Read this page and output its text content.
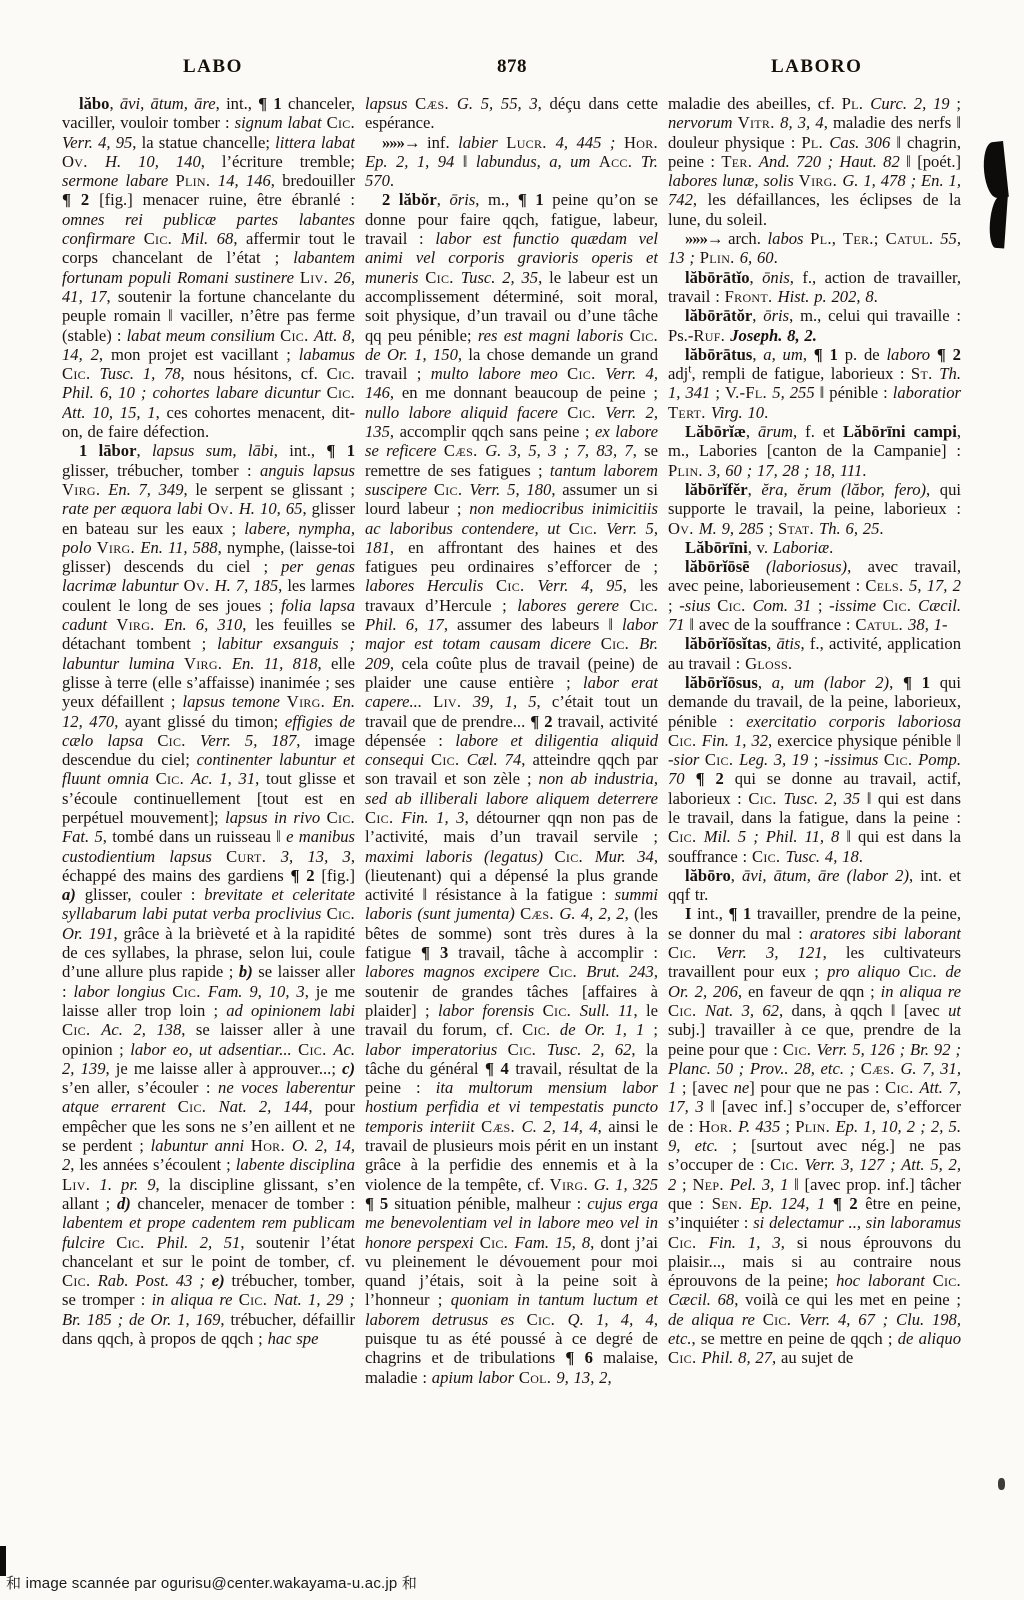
LABO	878	LABORO

lăbo, āvi, ātum, āre, int., ¶ 1 chanceler, vaciller, vouloir tomber : signum labat Cic. Verr. 4, 95, la statue chancelle; littera labat Ov. H. 10, 140, l’écriture tremble; sermone labare Plin. 14, 146, bredouiller ¶ 2 [fig.] menacer ruine, être ébranlé : omnes rei publicæ partes labantes confirmare Cic. Mil. 68, affermir tout le corps chancelant de l’état ; labantem fortunam populi Romani sustinere Liv. 26, 41, 17, soutenir la fortune chancelante du peuple romain ‖ vaciller, n’être pas ferme (stable) : labat meum consilium Cic. Att. 8, 14, 2, mon projet est vacillant ; labamus Cic. Tusc. 1, 78, nous hésitons, cf. Cic. Phil. 6, 10 ; cohortes labare dicuntur Cic. Att. 10, 15, 1, ces cohortes menacent, dit-on, de faire défection.

1 lābor, lapsus sum, lābi, int., ¶ 1 glisser, trébucher, tomber : anguis lapsus Virg. En. 7, 349, le serpent se glissant ; rate per æquora labi Ov. H. 10, 65, glisser en bateau sur les eaux ; labere, nympha, polo Virg. En. 11, 588, nymphe, (laisse-toi glisser) descends du ciel ; per genas lacrimæ labuntur Ov. H. 7, 185, les larmes coulent le long de ses joues ; folia lapsa cadunt Virg. En. 6, 310, les feuilles se détachant tombent ; labitur exsanguis ; labuntur lumina Virg. En. 11, 818, elle glisse à terre (elle s’affaisse) inanimée ; ses yeux défaillent ; lapsus temone Virg. En. 12, 470, ayant glissé du timon; effigies de cælo lapsa Cic. Verr. 5, 187, image descendue du ciel; continenter labuntur et fluunt omnia Cic. Ac. 1, 31, tout glisse et s’écoule continuellement [tout est en perpétuel mouvement]; lapsus in rivo Cic. Fat. 5, tombé dans un ruisseau ‖ e manibus custodientium lapsus Curt. 3, 13, 3, échappé des mains des gardiens ¶ 2 [fig.] a) glisser, couler : brevitate et celeritate syllabarum labi putat verba proclivius Cic. Or. 191, grâce à la brièveté et à la rapidité de ces syllabes, la phrase, selon lui, coule d’une allure plus rapide ; b) se laisser aller : labor longius Cic. Fam. 9, 10, 3, je me laisse aller trop loin ; ad opinionem labi Cic. Ac. 2, 138, se laisser aller à une opinion ; labor eo, ut adsentiar... Cic. Ac. 2, 139, je me laisse aller à approuver...; c) s’en aller, s’écouler : ne voces laberentur atque errarent Cic. Nat. 2, 144, pour empêcher que les sons ne s’en aillent et ne se perdent ; labuntur anni Hor. O. 2, 14, 2, les années s’écoulent ; labente disciplina Liv. 1. pr. 9, la discipline glissant, s’en allant ; d) chanceler, menacer de tomber : labentem et prope cadentem rem publicam fulcire Cic. Phil. 2, 51, soutenir l’état chancelant et sur le point de tomber, cf. Cic. Rab. Post. 43 ; e) trébucher, tomber, se tromper : in aliqua re Cic. Nat. 1, 29 ; Br. 185 ; de Or. 1, 169, trébucher, défaillir dans qqch, à propos de qqch ; hac spe

lapsus Cæs. G. 5, 55, 3, déçu dans cette espérance.

»»»→ inf. labier Lucr. 4, 445 ; Hor. Ep. 2, 1, 94 ‖ labundus, a, um Acc. Tr. 570.

2 lăbŏr, ōris, m., ¶ 1 peine qu’on se donne pour faire qqch, fatigue, labeur, travail : labor est functio quædam vel animi vel corporis gravioris operis et muneris Cic. Tusc. 2, 35, le labeur est un accomplissement déterminé, soit moral, soit physique, d’un travail ou d’une tâche qq peu pénible; res est magni laboris Cic. de Or. 1, 150, la chose demande un grand travail ; multo labore meo Cic. Verr. 4, 146, en me donnant beaucoup de peine ; nullo labore aliquid facere Cic. Verr. 2, 135, accomplir qqch sans peine ; ex labore se reficere Cæs. G. 3, 5, 3 ; 7, 83, 7, se remettre de ses fatigues ; tantum laborem suscipere Cic. Verr. 5, 180, assumer un si lourd labeur ; non mediocribus inimicitiis ac laboribus contendere, ut Cic. Verr. 5, 181, en affrontant des haines et des fatigues peu ordinaires s’efforcer de ; labores Herculis Cic. Verr. 4, 95, les travaux d’Hercule ; labores gerere Cic. Phil. 6, 17, assumer des labeurs ‖ labor major est totam causam dicere Cic. Br. 209, cela coûte plus de travail (peine) de plaider une cause entière ; labor erat capere... Liv. 39, 1, 5, c’était tout un travail que de prendre... ¶ 2 travail, activité dépensée : labore et diligentia aliquid consequi Cic. Cæl. 74, atteindre qqch par son travail et son zèle ; non ab industria, sed ab illiberali labore aliquem deterrere Cic. Fin. 1, 3, détourner qqn non pas de l’activité, mais d’un travail servile ; maximi laboris (legatus) Cic. Mur. 34, (lieutenant) qui a dépensé la plus grande activité ‖ résistance à la fatigue : summi laboris (sunt jumenta) Cæs. G. 4, 2, 2, (les bêtes de somme) sont très dures à la fatigue ¶ 3 travail, tâche à accomplir : labores magnos excipere Cic. Brut. 243, soutenir de grandes tâches [affaires à plaider] ; labor forensis Cic. Sull. 11, le travail du forum, cf. Cic. de Or. 1, 1 ; labor imperatorius Cic. Tusc. 2, 62, la tâche du général ¶ 4 travail, résultat de la peine : ita multorum mensium labor hostium perfidia et vi tempestatis puncto temporis interiit Cæs. C. 2, 14, 4, ainsi le travail de plusieurs mois périt en un instant grâce à la perfidie des ennemis et à la violence de la tempête, cf. Virg. G. 1, 325 ¶ 5 situation pénible, malheur : cujus erga me benevolentiam vel in labore meo vel in honore perspexi Cic. Fam. 15, 8, dont j’ai vu pleinement le dévouement pour moi quand j’étais, soit à la peine soit à l’honneur ; quoniam in tantum luctum et laborem detrusus es Cic. Q. 1, 4, 4, puisque tu as été poussé à ce degré de chagrins et de tribulations ¶ 6 malaise, maladie : apium labor Col. 9, 13, 2,

maladie des abeilles, cf. Pl. Curc. 2, 19 ; nervorum Vitr. 8, 3, 4, maladie des nerfs ‖ douleur physique : Pl. Cas. 306 ‖ chagrin, peine : Ter. And. 720 ; Haut. 82 ‖ [poét.] labores lunæ, solis Virg. G. 1, 478 ; En. 1, 742, les défaillances, les éclipses de la lune, du soleil.

»»»→ arch. labos Pl., Ter.; Catul. 55, 13 ; Plin. 6, 60.

lăbōrātĭo, ōnis, f., action de travailler, travail : Front. Hist. p. 202, 8.

lăbōrātŏr, ōris, m., celui qui travaille : Ps.-Ruf. Joseph. 8, 2.

lăbōrātus, a, um, ¶ 1 p. de laboro ¶ 2 adj$^t$, rempli de fatigue, laborieux : St. Th. 1, 341 ; V.-Fl. 5, 255 ‖ pénible : laboratior Tert. Virg. 10.

Lăbōrĭæ, ārum, f. et Lăbōrīni campi, m., Labories [canton de la Campanie] : Plin. 3, 60 ; 17, 28 ; 18, 111.

lăbōrĭfĕr, ĕra, ĕrum (lăbor, fero), qui supporte le travail, la peine, laborieux : Ov. M. 9, 285 ; Stat. Th. 6, 25.

Lăbōrīni, v. Laboriæ.

lăbōrĭōsē (laboriosus), avec travail, avec peine, laborieusement : Cels. 5, 17, 2 ; -sius Cic. Com. 31 ; -issime Cic. Cæcil. 71 ‖ avec de la souffrance : Catul. 38, 1-

lăbōrĭōsĭtas, ātis, f., activité, application au travail : Gloss.

lăbōrĭōsus, a, um (labor 2), ¶ 1 qui demande du travail, de la peine, laborieux, pénible : exercitatio corporis laboriosa Cic. Fin. 1, 32, exercice physique pénible ‖ -sior Cic. Leg. 3, 19 ; -issimus Cic. Pomp. 70 ¶ 2 qui se donne au travail, actif, laborieux : Cic. Tusc. 2, 35 ‖ qui est dans le travail, dans la fatigue, dans la peine : Cic. Mil. 5 ; Phil. 11, 8 ‖ qui est dans la souffrance : Cic. Tusc. 4, 18.

lăbōro, āvi, ātum, āre (labor 2), int. et qqf tr.

I int., ¶ 1 travailler, prendre de la peine, se donner du mal : aratores sibi laborant Cic. Verr. 3, 121, les cultivateurs travaillent pour eux ; pro aliquo Cic. de Or. 2, 206, en faveur de qqn ; in aliqua re Cic. Nat. 3, 62, dans, à qqch ‖ [avec ut subj.] travailler à ce que, prendre de la peine pour que : Cic. Verr. 5, 126 ; Br. 92 ; Planc. 50 ; Prov.. 28, etc. ; Cæs. G. 7, 31, 1 ; [avec ne] pour que ne pas : Cic. Att. 7, 17, 3 ‖ [avec inf.] s’occuper de, s’efforcer de : Hor. P. 435 ; Plin. Ep. 1, 10, 2 ; 2, 5. 9, etc. ; [surtout avec nég.] ne pas s’occuper de : Cic. Verr. 3, 127 ; Att. 5, 2, 2 ; Nep. Pel. 3, 1 ‖ [avec prop. inf.] tâcher que : Sen. Ep. 124, 1 ¶ 2 être en peine, s’inquiéter : si delectamur .., sin laboramus Cic. Fin. 1, 3, si nous éprouvons du plaisir..., mais si au contraire nous éprouvons de la peine; hoc laborant Cic. Cæcil. 68, voilà ce qui les met en peine ; de aliqua re Cic. Verr. 4, 67 ; Clu. 198, etc., se mettre en peine de qqch ; de aliquo Cic. Phil. 8, 27, au sujet de

和 image scannée par ogurisu@center.wakayama-u.ac.jp 和
